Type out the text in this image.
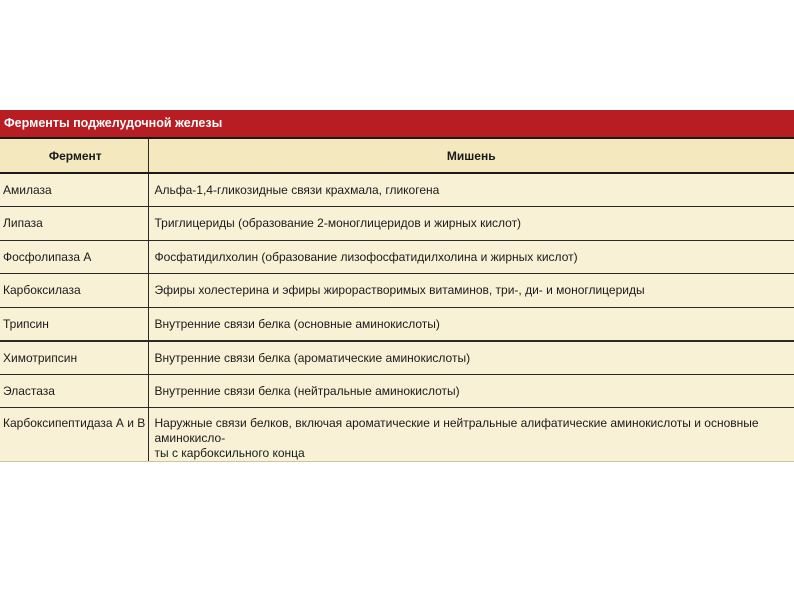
Ферменты поджелудочной железы
Фермент	Мишень
Амилаза	Альфа-1,4-гликозидные связи крахмала, гликогена
Липаза	Триглицериды (образование 2-моноглицеридов и жирных кислот)
Фосфолипаза А	Фосфатидилхолин (образование лизофосфатидилхолина и жирных кислот)
Карбоксилаза	Эфиры холестерина и эфиры жирорастворимых витаминов, три-, ди- и моноглицериды
Трипсин	Внутренние связи белка (основные аминокислоты)
Химотрипсин	Внутренние связи белка (ароматические аминокислоты)
Эластаза	Внутренние связи белка (нейтральные аминокислоты)
Карбоксипептидаза А и В	Наружные связи белков, включая ароматические и нейтральные алифатические аминокислоты и основные аминокисло-
ты с карбоксильного конца
